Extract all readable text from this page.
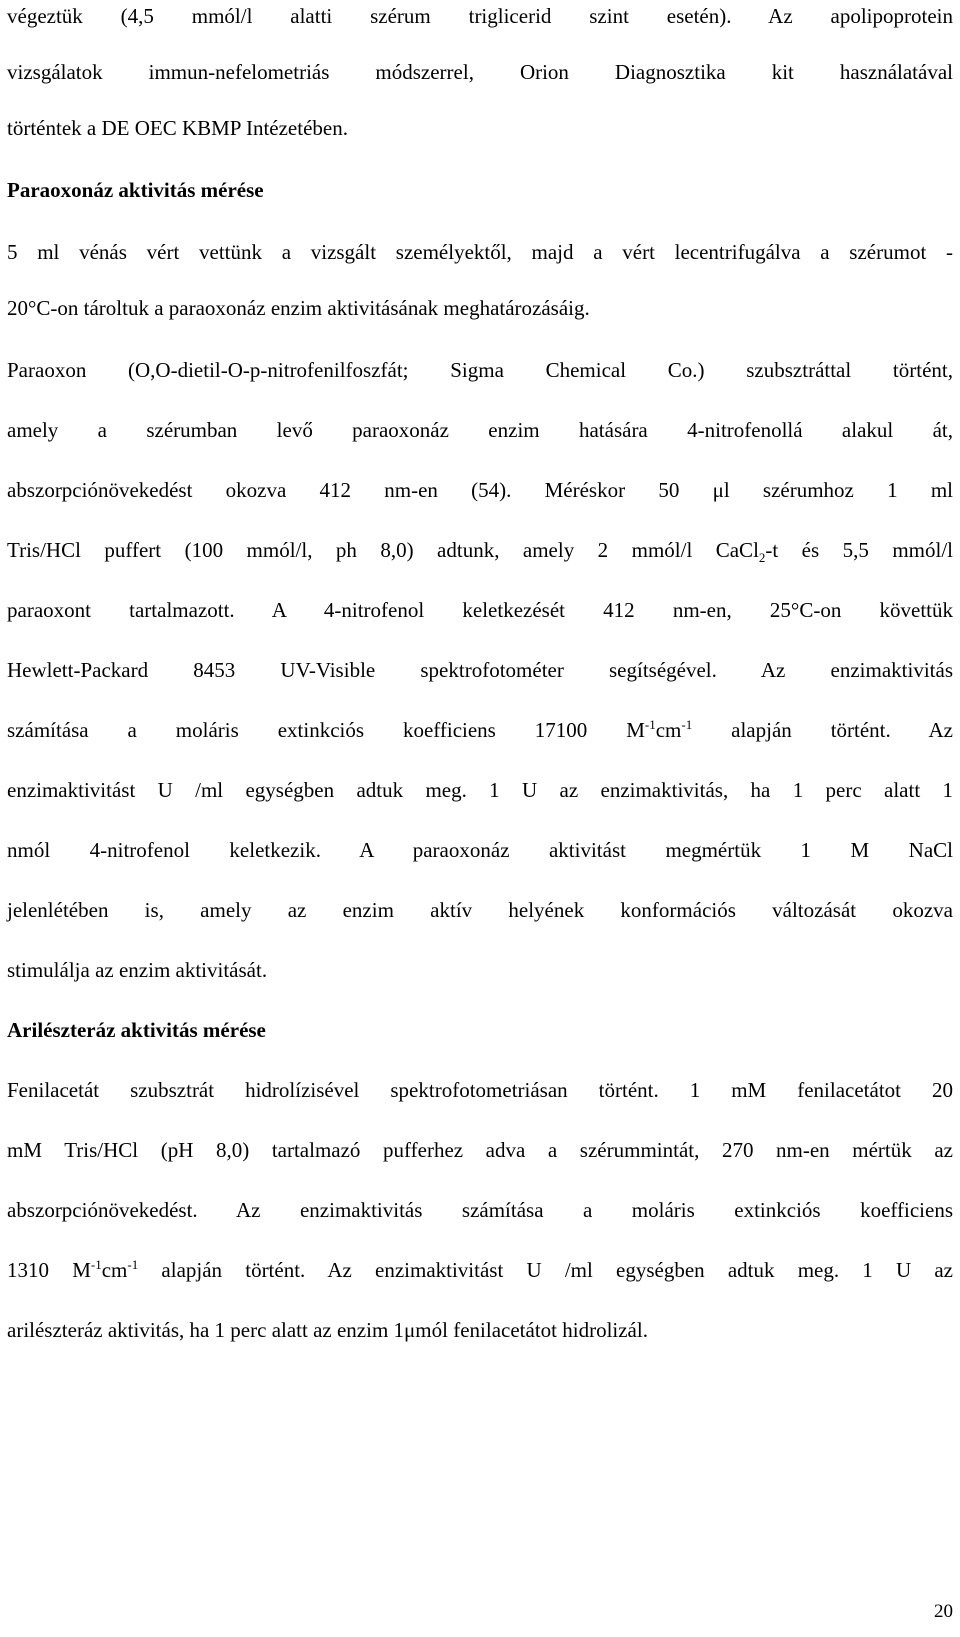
végeztük (4,5 mmól/l alatti szérum triglicerid szint esetén). Az apolipoprotein
vizsgálatok immun-nefelometriás módszerrel, Orion Diagnosztika kit használatával
történtek a DE OEC KBMP Intézetében.
Paraoxonáz aktivitás mérése
5 ml vénás vért vettünk a vizsgált személyektől, majd a vért lecentrifugálva a szérumot -
20°C-on tároltuk a paraoxonáz enzim aktivitásának meghatározásáig.
Paraoxon (O,O-dietil-O-p-nitrofenilfoszfát; Sigma Chemical Co.) szubsztráttal történt,
amely a szérumban levő paraoxonáz enzim hatására 4-nitrofenollá alakul át,
abszorpciónövekedést okozva 412 nm-en (54). Méréskor 50 μl szérumhoz 1 ml
Tris/HCl puffert (100 mmól/l, ph 8,0) adtunk, amely 2 mmól/l CaCl$_2$-t és 5,5 mmól/l
paraoxont tartalmazott. A 4-nitrofenol keletkezését 412 nm-en, 25°C-on követtük
Hewlett-Packard 8453 UV-Visible spektrofotométer segítségével. Az enzimaktivitás
számítása a moláris extinkciós koefficiens 17100 $M^{-1}cm^{-1}$ alapján történt. Az
enzimaktivitást U /ml egységben adtuk meg. 1 U az enzimaktivitás, ha 1 perc alatt 1
nmól 4-nitrofenol keletkezik. A paraoxonáz aktivitást megmértük 1 M NaCl
jelenlétében is, amely az enzim aktív helyének konformációs változását okozva
stimulálja az enzim aktivitását.
Arilészteráz aktivitás mérése
Fenilacetát szubsztrát hidrolízisével spektrofotometriásan történt. 1 mM fenilacetátot 20
mM Tris/HCl (pH 8,0) tartalmazó pufferhez adva a szérummintát, 270 nm-en mértük az
abszorpciónövekedést. Az enzimaktivitás számítása a moláris extinkciós koefficiens
1310 $M^{-1}cm^{-1}$ alapján történt. Az enzimaktivitást U /ml egységben adtuk meg. 1 U az
arilészteráz aktivitás, ha 1 perc alatt az enzim 1μmól fenilacetátot hidrolizál.
20
